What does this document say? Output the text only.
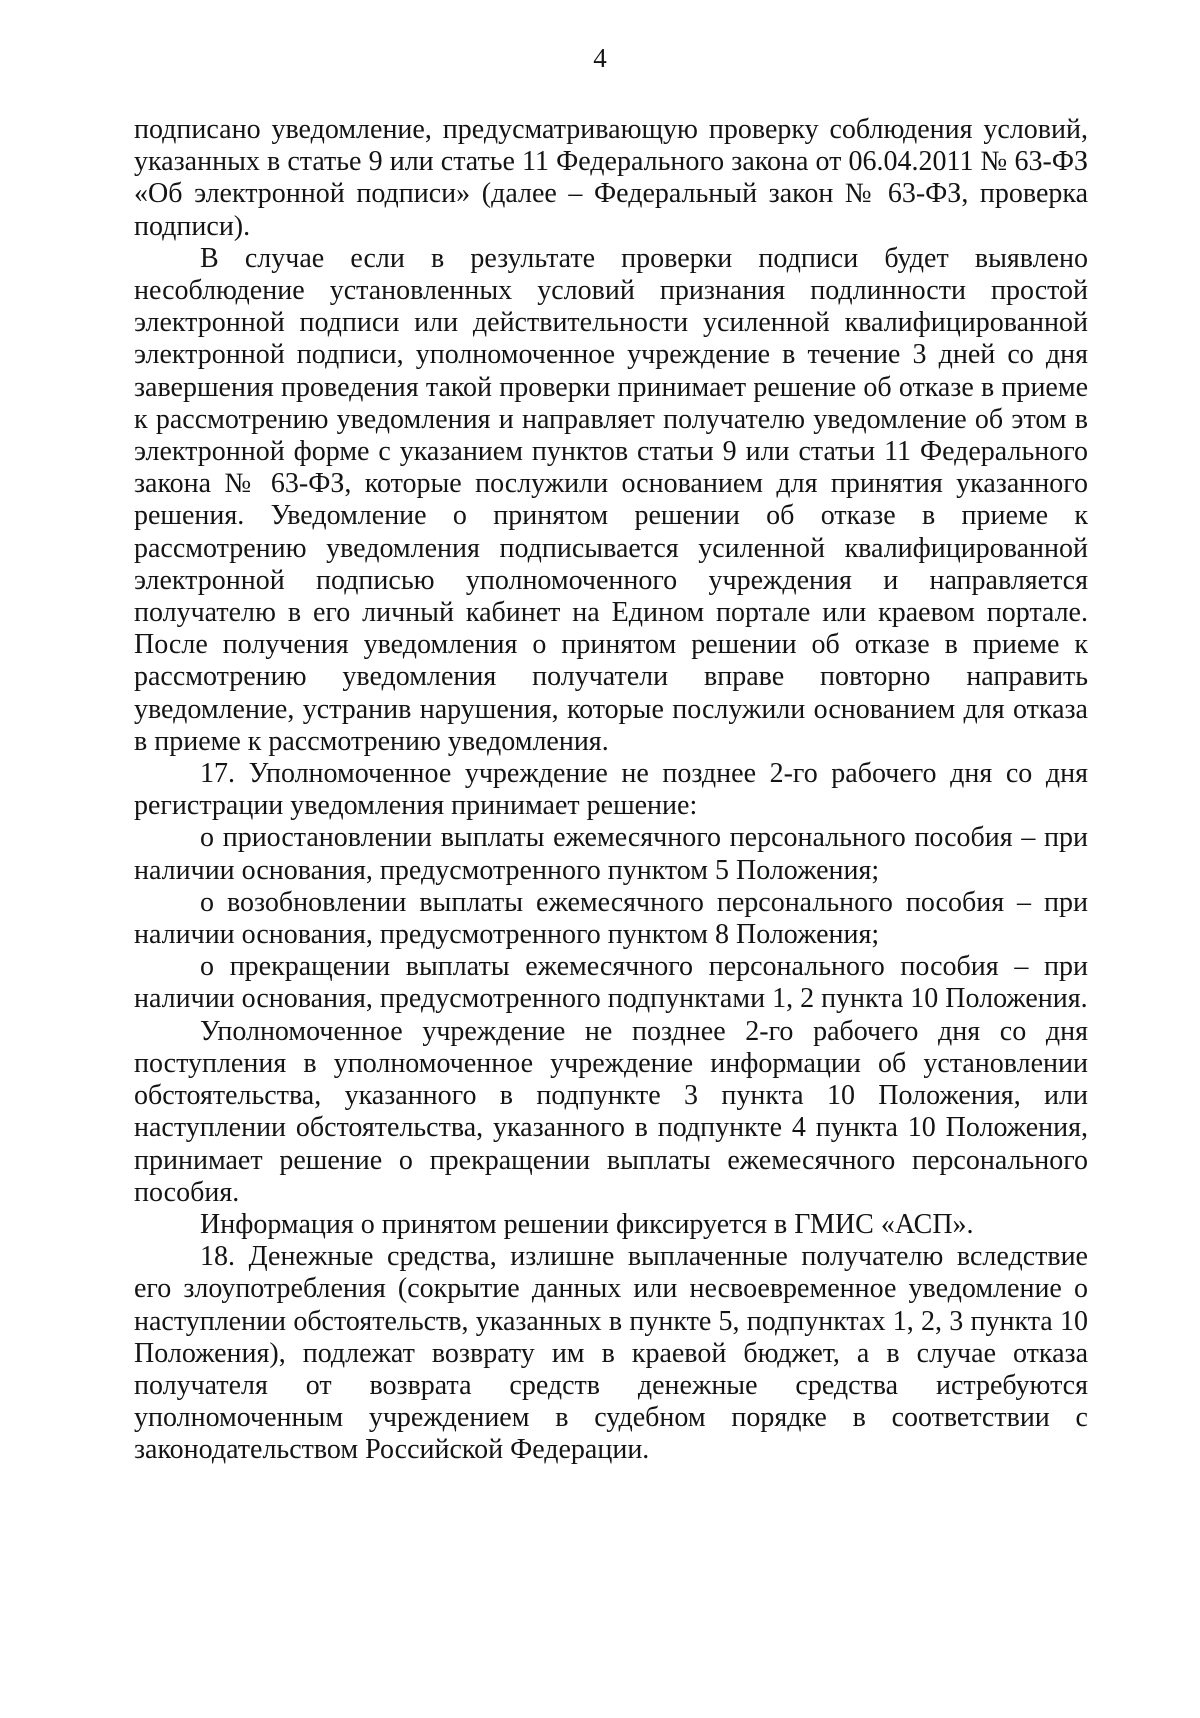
4

подписано уведомление, предусматривающую проверку соблюдения условий, указанных в статье 9 или статье 11 Федерального закона от 06.04.2011 № 63-ФЗ «Об электронной подписи» (далее – Федеральный закон № 63-ФЗ, проверка подписи).

В случае если в результате проверки подписи будет выявлено несоблюдение установленных условий признания подлинности простой электронной подписи или действительности усиленной квалифицированной электронной подписи, уполномоченное учреждение в течение 3 дней со дня завершения проведения такой проверки принимает решение об отказе в приеме к рассмотрению уведомления и направляет получателю уведомление об этом в электронной форме с указанием пунктов статьи 9 или статьи 11 Федерального закона № 63-ФЗ, которые послужили основанием для принятия указанного решения. Уведомление о принятом решении об отказе в приеме к рассмотрению уведомления подписывается усиленной квалифицированной электронной подписью уполномоченного учреждения и направляется получателю в его личный кабинет на Едином портале или краевом портале. После получения уведомления о принятом решении об отказе в приеме к рассмотрению уведомления получатели вправе повторно направить уведомление, устранив нарушения, которые послужили основанием для отказа в приеме к рассмотрению уведомления.

17. Уполномоченное учреждение не позднее 2-го рабочего дня со дня регистрации уведомления принимает решение:

о приостановлении выплаты ежемесячного персонального пособия – при наличии основания, предусмотренного пунктом 5 Положения;

о возобновлении выплаты ежемесячного персонального пособия – при наличии основания, предусмотренного пунктом 8 Положения;

о прекращении выплаты ежемесячного персонального пособия – при наличии основания, предусмотренного подпунктами 1, 2 пункта 10 Положения.

Уполномоченное учреждение не позднее 2-го рабочего дня со дня поступления в уполномоченное учреждение информации об установлении обстоятельства, указанного в подпункте 3 пункта 10 Положения, или наступлении обстоятельства, указанного в подпункте 4 пункта 10 Положения, принимает решение о прекращении выплаты ежемесячного персонального пособия.

Информация о принятом решении фиксируется в ГМИС «АСП».

18. Денежные средства, излишне выплаченные получателю вследствие его злоупотребления (сокрытие данных или несвоевременное уведомление о наступлении обстоятельств, указанных в пункте 5, подпунктах 1, 2, 3 пункта 10 Положения), подлежат возврату им в краевой бюджет, а в случае отказа получателя от возврата средств денежные средства истребуются уполномоченным учреждением в судебном порядке в соответствии с законодательством Российской Федерации.
